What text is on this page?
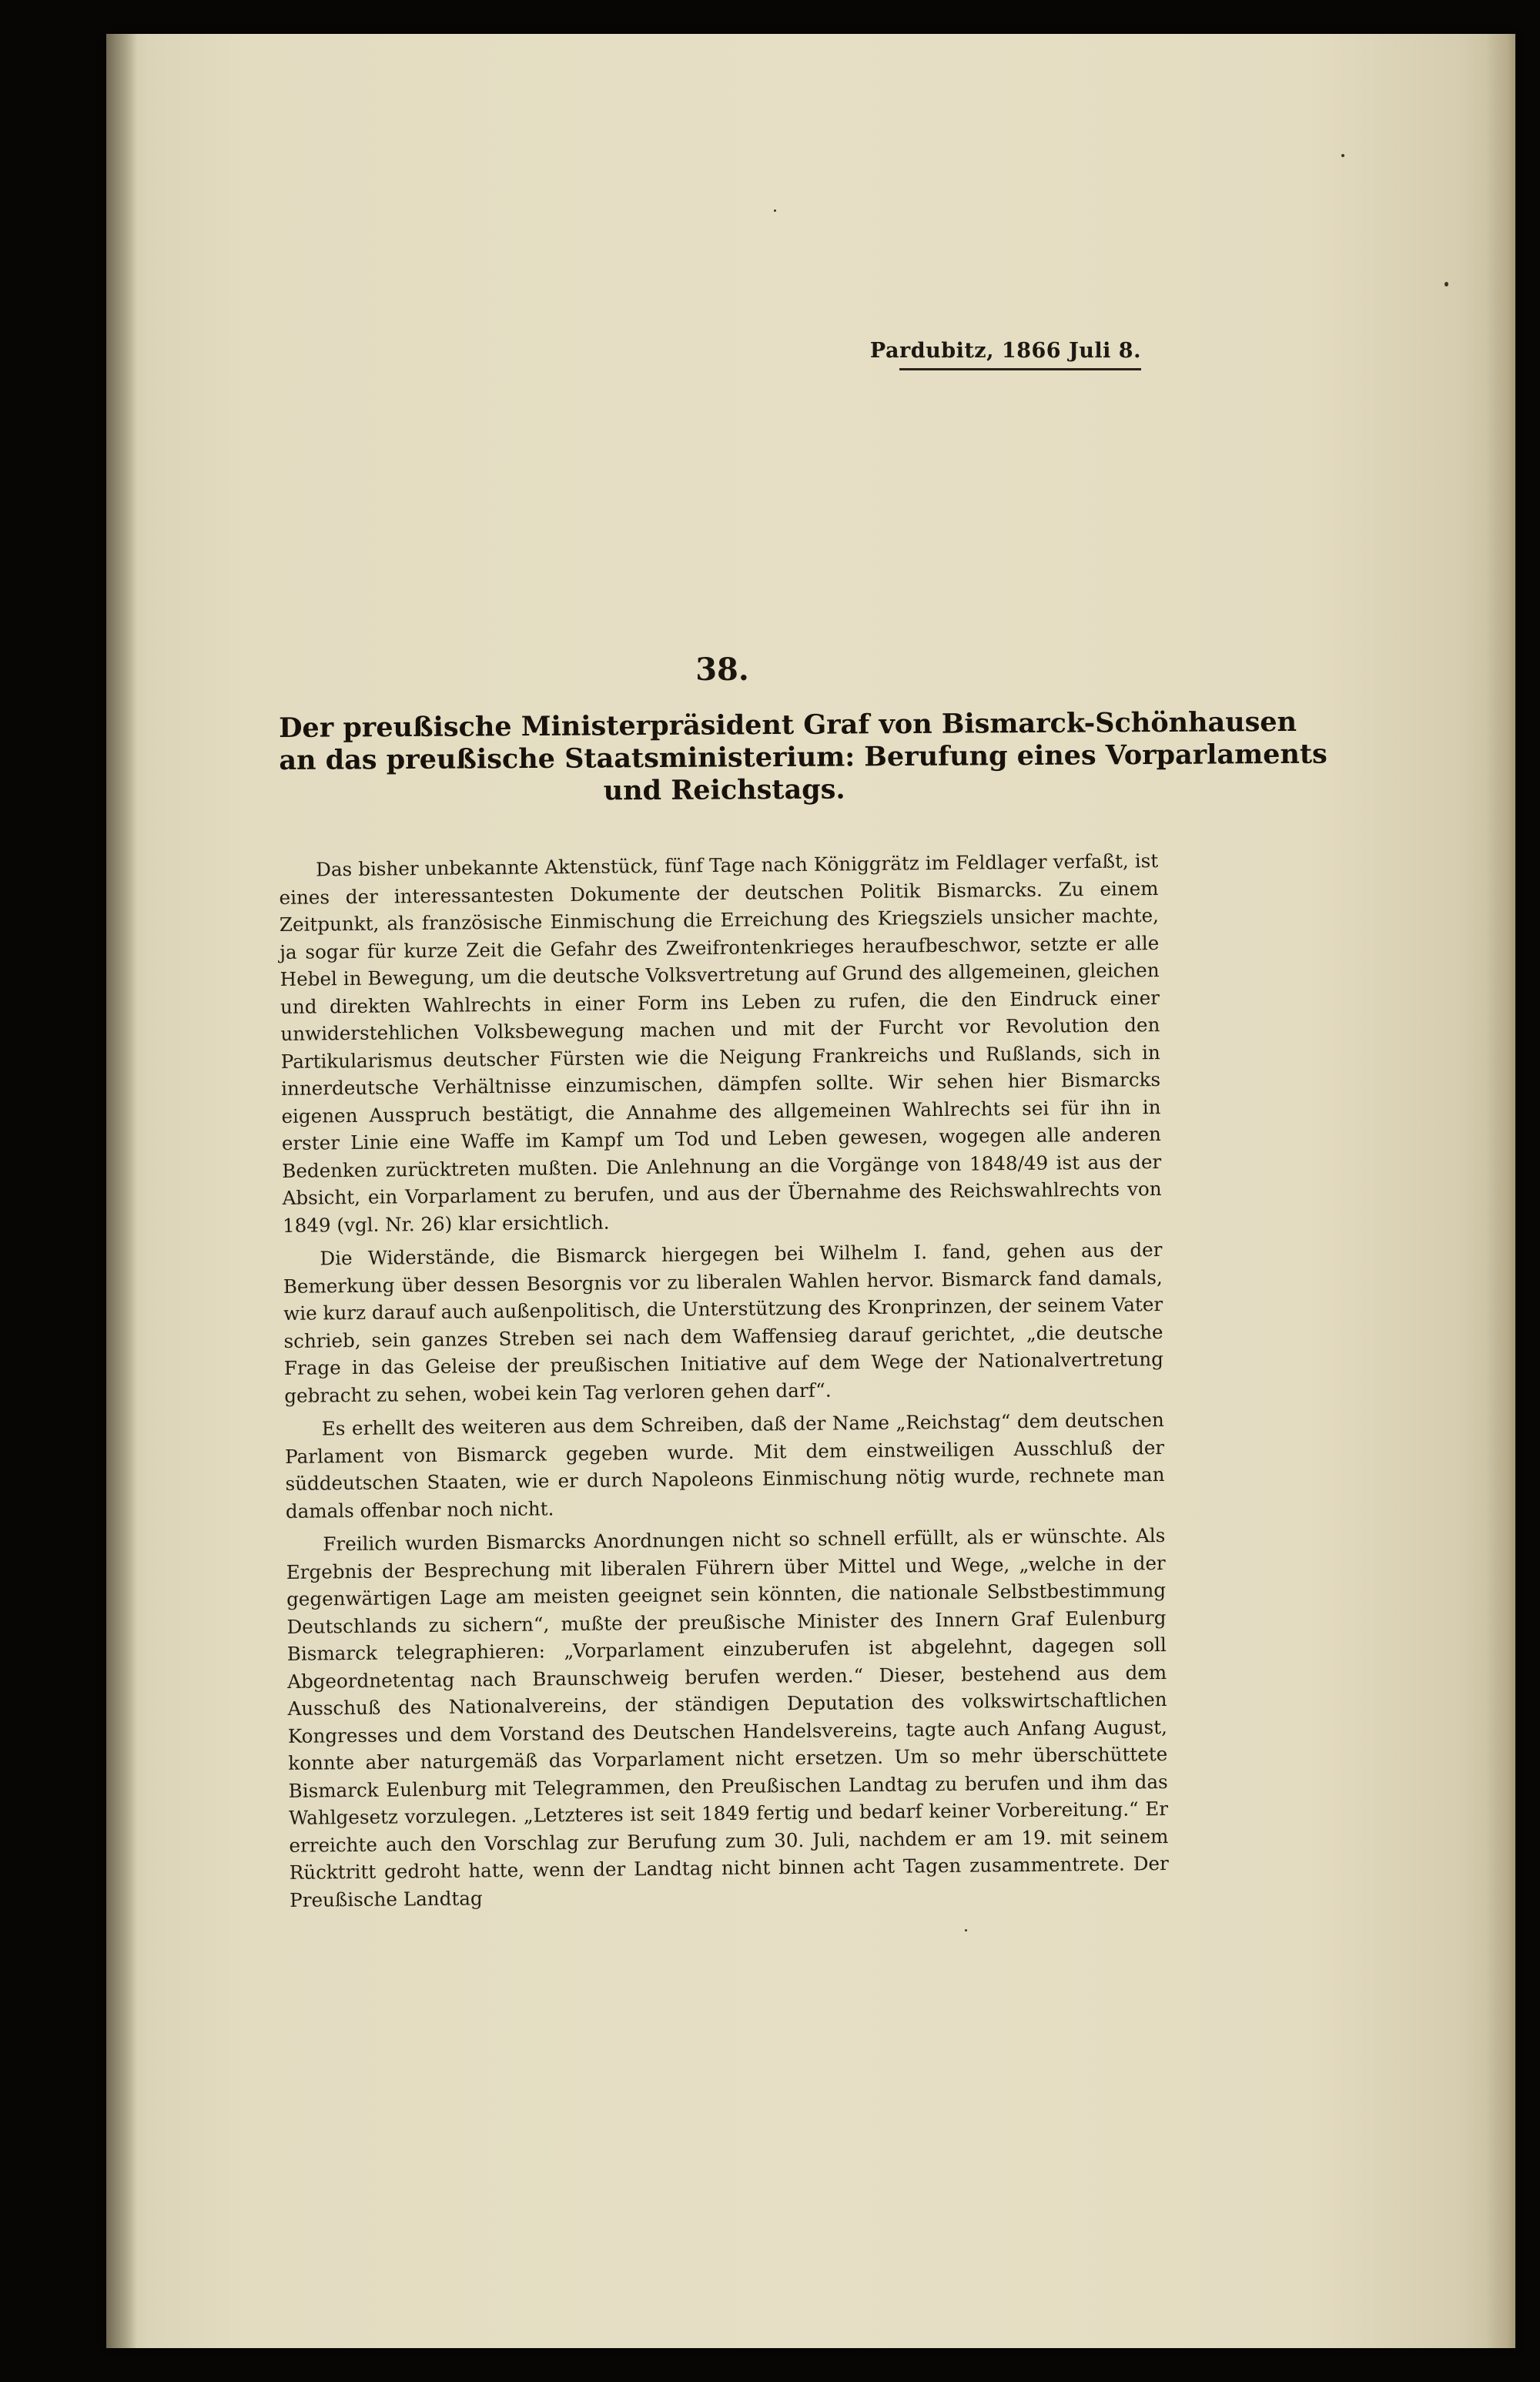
Pardubitz, 1866 Juli 8.
38.
Der preußische Ministerpräsident Graf von Bismarck-Schönhausen
an das preußische Staatsministerium: Berufung eines Vorparlaments
und Reichstags.

Das bisher unbekannte Aktenstück, fünf Tage nach Königgrätz im Feldlager verfaßt, ist eines der interessantesten Dokumente der deutschen Politik Bismarcks. Zu einem Zeitpunkt, als französische Einmischung die Erreichung des Kriegsziels unsicher machte, ja sogar für kurze Zeit die Gefahr des Zweifrontenkrieges heraufbeschwor, setzte er alle Hebel in Bewegung, um die deutsche Volksvertretung auf Grund des allgemeinen, gleichen und direkten Wahlrechts in einer Form ins Leben zu rufen, die den Eindruck einer unwiderstehlichen Volksbewegung machen und mit der Furcht vor Revolution den Partikularismus deutscher Fürsten wie die Neigung Frankreichs und Rußlands, sich in innerdeutsche Verhältnisse einzumischen, dämpfen sollte. Wir sehen hier Bismarcks eigenen Ausspruch bestätigt, die Annahme des allgemeinen Wahlrechts sei für ihn in erster Linie eine Waffe im Kampf um Tod und Leben gewesen, wogegen alle anderen Bedenken zurücktreten mußten. Die Anlehnung an die Vorgänge von 1848/49 ist aus der Absicht, ein Vorparlament zu berufen, und aus der Übernahme des Reichswahlrechts von 1849 (vgl. Nr. 26) klar ersichtlich.

Die Widerstände, die Bismarck hiergegen bei Wilhelm I. fand, gehen aus der Bemerkung über dessen Besorgnis vor zu liberalen Wahlen hervor. Bismarck fand damals, wie kurz darauf auch außenpolitisch, die Unterstützung des Kronprinzen, der seinem Vater schrieb, sein ganzes Streben sei nach dem Waffensieg darauf gerichtet, „die deutsche Frage in das Geleise der preußischen Initiative auf dem Wege der Nationalvertretung gebracht zu sehen, wobei kein Tag verloren gehen darf“.

Es erhellt des weiteren aus dem Schreiben, daß der Name „Reichstag“ dem deutschen Parlament von Bismarck gegeben wurde. Mit dem einstweiligen Ausschluß der süddeutschen Staaten, wie er durch Napoleons Einmischung nötig wurde, rechnete man damals offenbar noch nicht.

Freilich wurden Bismarcks Anordnungen nicht so schnell erfüllt, als er wünschte. Als Ergebnis der Besprechung mit liberalen Führern über Mittel und Wege, „welche in der gegenwärtigen Lage am meisten geeignet sein könnten, die nationale Selbstbestimmung Deutschlands zu sichern“, mußte der preußische Minister des Innern Graf Eulenburg Bismarck telegraphieren: „Vorparlament einzuberufen ist abgelehnt, dagegen soll Abgeordnetentag nach Braunschweig berufen werden.“ Dieser, bestehend aus dem Ausschuß des Nationalvereins, der ständigen Deputation des volkswirtschaftlichen Kongresses und dem Vorstand des Deutschen Handelsvereins, tagte auch Anfang August, konnte aber naturgemäß das Vorparlament nicht ersetzen. Um so mehr überschüttete Bismarck Eulenburg mit Telegrammen, den Preußischen Landtag zu berufen und ihm das Wahlgesetz vorzulegen. „Letzteres ist seit 1849 fertig und bedarf keiner Vorbereitung.“ Er erreichte auch den Vorschlag zur Berufung zum 30. Juli, nachdem er am 19. mit seinem Rücktritt gedroht hatte, wenn der Landtag nicht binnen acht Tagen zusammentrete. Der Preußische Landtag
